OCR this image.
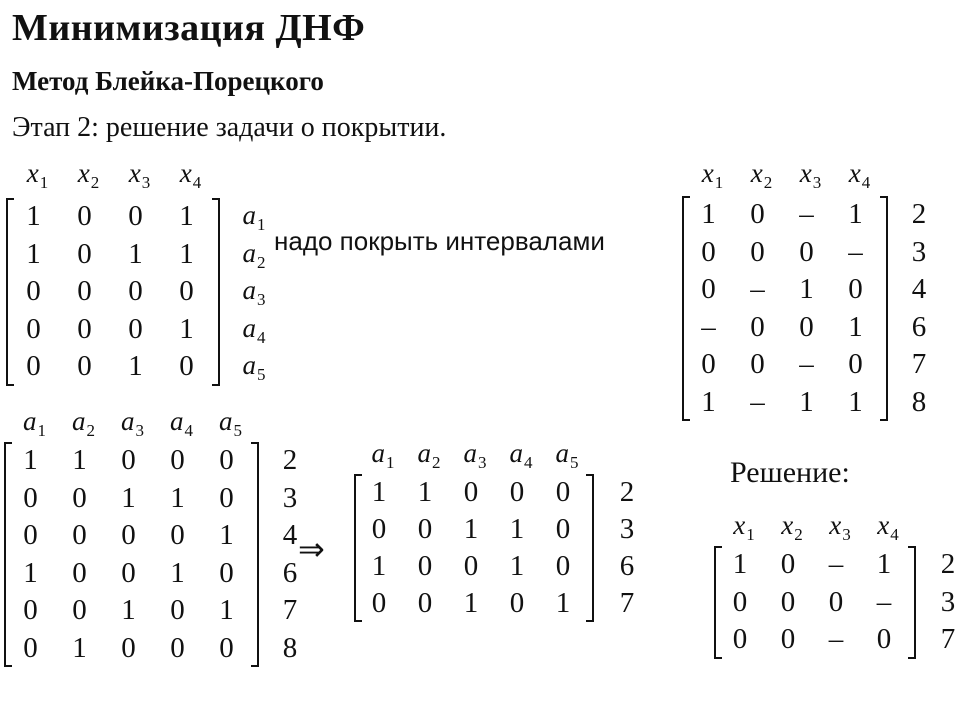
Минимизация ДНФ
Метод Блейка-Порецкого
Этап 2: решение задачи о покрытии.
надо покрыть интервалами
Решение:
⇒
$x_1$	$x_2$	$x_3$	$x_4$
1	0	0	1	$a_1$
1	0	1	1	$a_2$
0	0	0	0	$a_3$
0	0	0	1	$a_4$
0	0	1	0	$a_5$
$x_1$	$x_2$	$x_3$	$x_4$
1	0	–	1	2
0	0	0	–	3
0	–	1	0	4
–	0	0	1	6
0	0	–	0	7
1	–	1	1	8
$a_1$ $a_2$ $a_3$ $a_4$ $a_5$
1	1	0	0	0	2
0	0	1	1	0	3
0	0	0	0	1	4
1	0	0	1	0	6
0	0	1	0	1	7
0	1	0	0	0	8
$a_1$ $a_2$ $a_3$ $a_4$ $a_5$
1	1	0	0	0	2
0	0	1	1	0	3
1	0	0	1	0	6
0	0	1	0	1	7
$x_1$ $x_2$ $x_3$ $x_4$
1	0	–	1	2
0	0	0	–	3
0	0	–	0	7
